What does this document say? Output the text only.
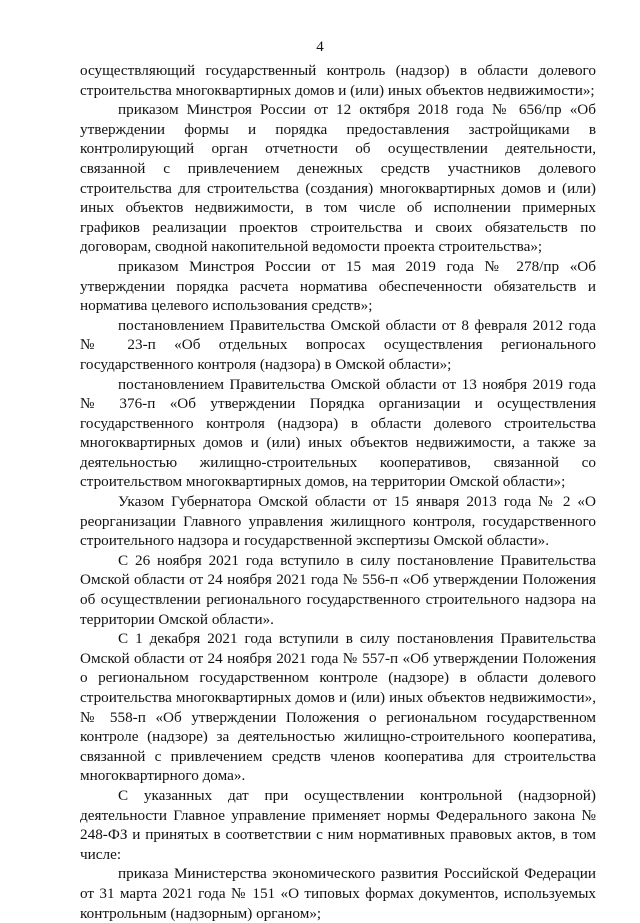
4

осуществляющий государственный контроль (надзор) в области долевого строительства многоквартирных домов и (или) иных объектов недвижимости»;

приказом Минстроя России от 12 октября 2018 года № 656/пр «Об утверждении формы и порядка предоставления застройщиками в контролирующий орган отчетности об осуществлении деятельности, связанной с привлечением денежных средств участников долевого строительства для строительства (создания) многоквартирных домов и (или) иных объектов недвижимости, в том числе об исполнении примерных графиков реализации проектов строительства и своих обязательств по договорам, сводной накопительной ведомости проекта строительства»;

приказом Минстроя России от 15 мая 2019 года № 278/пр «Об утверждении порядка расчета норматива обеспеченности обязательств и норматива целевого использования средств»;

постановлением Правительства Омской области от 8 февраля 2012 года № 23-п «Об отдельных вопросах осуществления регионального государственного контроля (надзора) в Омской области»;

постановлением Правительства Омской области от 13 ноября 2019 года № 376-п «Об утверждении Порядка организации и осуществления государственного контроля (надзора) в области долевого строительства многоквартирных домов и (или) иных объектов недвижимости, а также за деятельностью жилищно-строительных кооперативов, связанной со строительством многоквартирных домов, на территории Омской области»;

Указом Губернатора Омской области от 15 января 2013 года № 2 «О реорганизации Главного управления жилищного контроля, государственного строительного надзора и государственной экспертизы Омской области».

С 26 ноября 2021 года вступило в силу постановление Правительства Омской области от 24 ноября 2021 года № 556-п «Об утверждении Положения об осуществлении регионального государственного строительного надзора на территории Омской области».

С 1 декабря 2021 года вступили в силу постановления Правительства Омской области от 24 ноября 2021 года № 557-п «Об утверждении Положения о региональном государственном контроле (надзоре) в области долевого строительства многоквартирных домов и (или) иных объектов недвижимости», № 558-п «Об утверждении Положения о региональном государственном контроле (надзоре) за деятельностью жилищно-строительного кооператива, связанной с привлечением средств членов кооператива для строительства многоквартирного дома».

С указанных дат при осуществлении контрольной (надзорной) деятельности Главное управление применяет нормы Федерального закона № 248-ФЗ и принятых в соответствии с ним нормативных правовых актов, в том числе:

приказа Министерства экономического развития Российской Федерации от 31 марта 2021 года № 151 «О типовых формах документов, используемых контрольным (надзорным) органом»;
